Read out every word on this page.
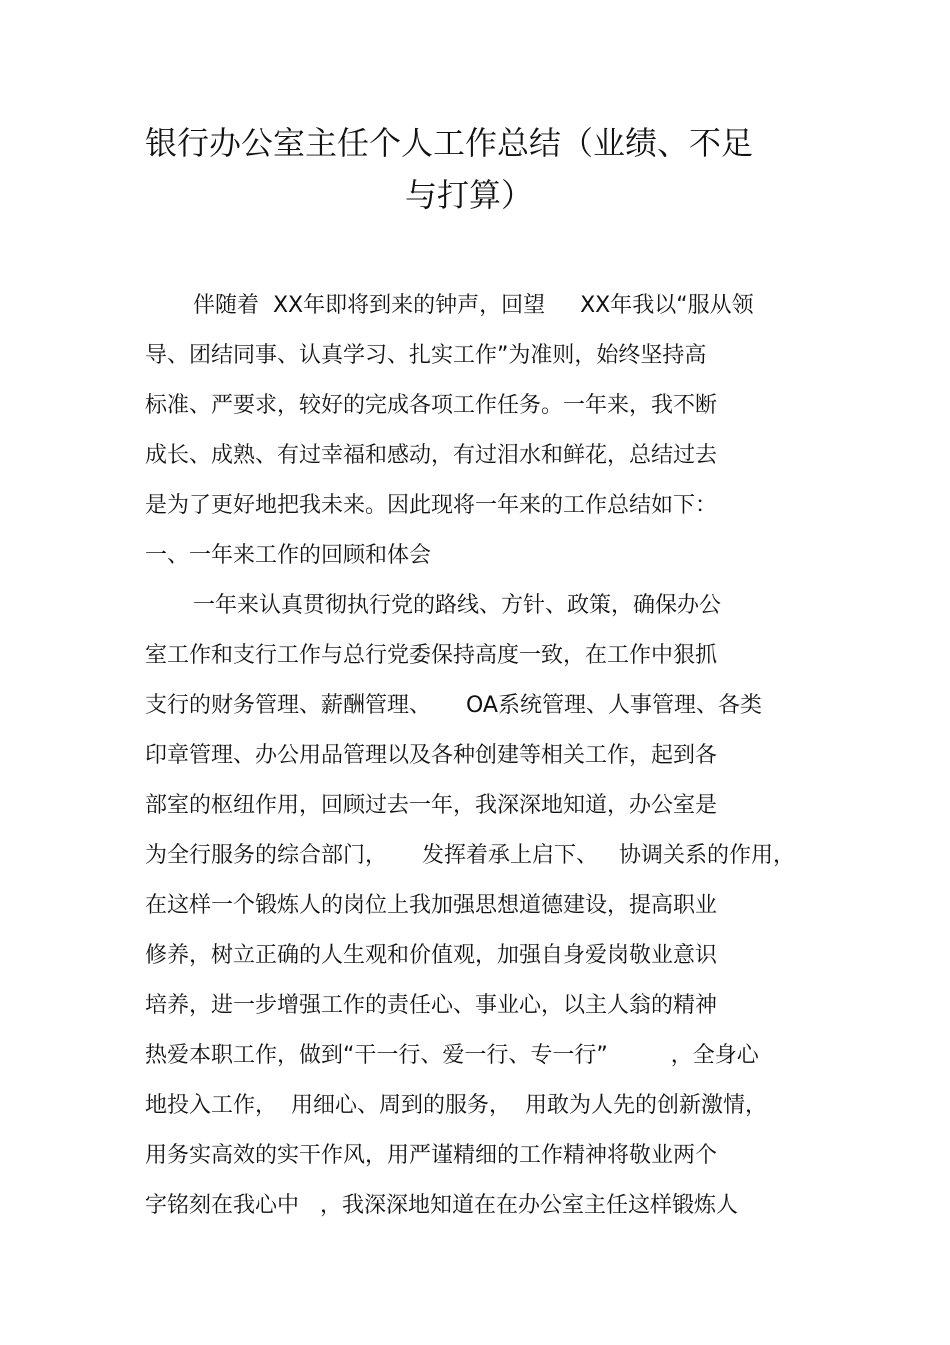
银行办公室主任个人工作总结（业绩、不足
与打算）
伴随着  XX年即将到来的钟声，回望     XX年我以“服从领
导、团结同事、认真学习、扎实工作”为准则，始终坚持高
标准、严要求，较好的完成各项工作任务。一年来，我不断
成长、成熟、有过幸福和感动，有过泪水和鲜花，总结过去
是为了更好地把我未来。因此现将一年来的工作总结如下：
一、一年来工作的回顾和体会
一年来认真贯彻执行党的路线、方针、政策，确保办公
室工作和支行工作与总行党委保持高度一致，在工作中狠抓
支行的财务管理、薪酬管理、     OA系统管理、人事管理、各类
印章管理、办公用品管理以及各种创建等相关工作，起到各
部室的枢纽作用，回顾过去一年，我深深地知道，办公室是
为全行服务的综合部门，     发挥着承上启下、   协调关系的作用，
在这样一个锻炼人的岗位上我加强思想道德建设，提高职业
修养，树立正确的人生观和价值观，加强自身爱岗敬业意识
培养，进一步增强工作的责任心、事业心，以主人翁的精神
热爱本职工作，做到“干一行、爱一行、专一行”         ，全身心
地投入工作，  用细心、周到的服务，  用敢为人先的创新激情，
用务实高效的实干作风，用严谨精细的工作精神将敬业两个
字铭刻在我心中   ，我深深地知道在在办公室主任这样锻炼人
